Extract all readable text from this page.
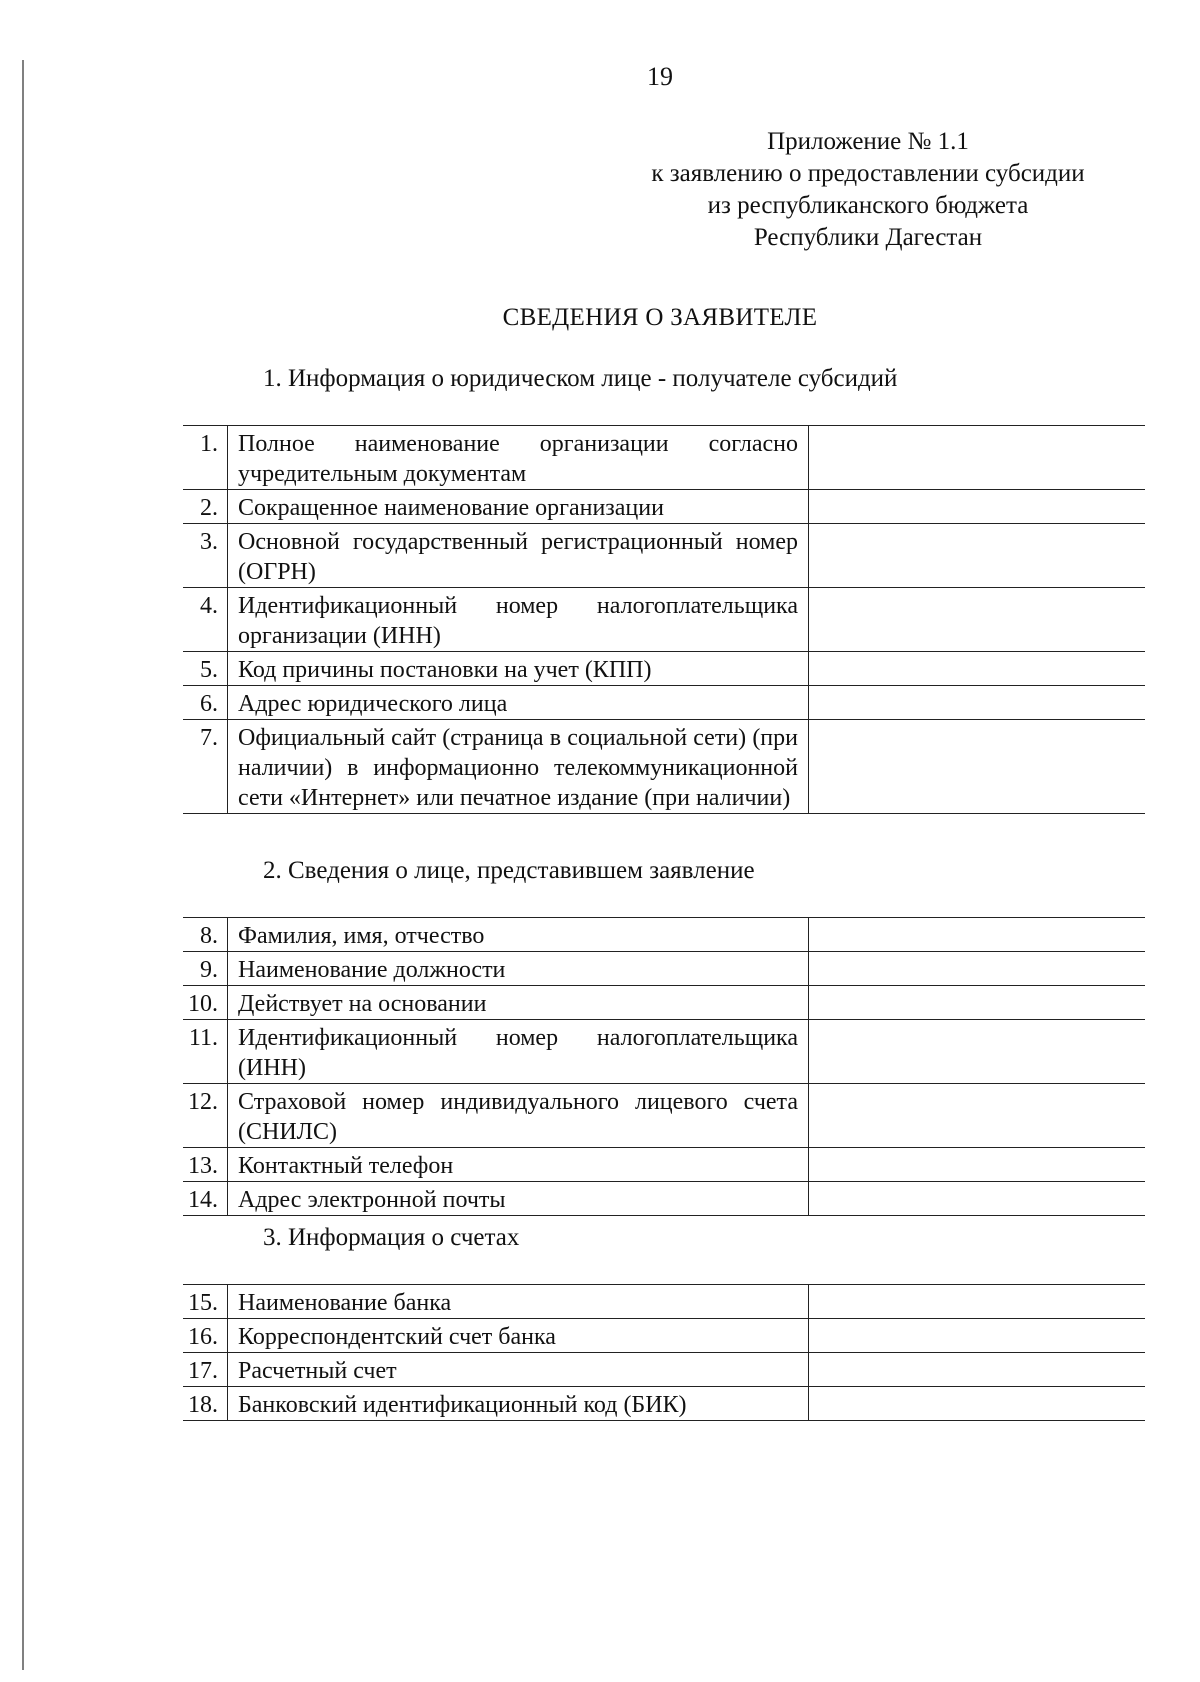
19
Приложение № 1.1
к заявлению о предоставлении субсидии
из республиканского бюджета
Республики Дагестан
СВЕДЕНИЯ О ЗАЯВИТЕЛЕ
1. Информация о юридическом лице - получателе субсидий
1.	Полное наименование организации согласно учредительным документам	
2.	Сокращенное наименование организации	
3.	Основной государственный регистрационный номер (ОГРН)	
4.	Идентификационный номер налогоплательщика организации (ИНН)	
5.	Код причины постановки на учет (КПП)	
6.	Адрес юридического лица	
7.	Официальный сайт (страница в социальной сети) (при наличии) в информационно телекоммуникационной сети «Интернет» или печатное издание (при наличии)	
2. Сведения о лице, представившем заявление
8.	Фамилия, имя, отчество	
9.	Наименование должности	
10.	Действует на основании	
11.	Идентификационный номер налогоплательщика (ИНН)	
12.	Страховой номер индивидуального лицевого счета (СНИЛС)	
13.	Контактный телефон	
14.	Адрес электронной почты	
3. Информация о счетах
15.	Наименование банка	
16.	Корреспондентский счет банка	
17.	Расчетный счет	
18.	Банковский идентификационный код (БИК)	
